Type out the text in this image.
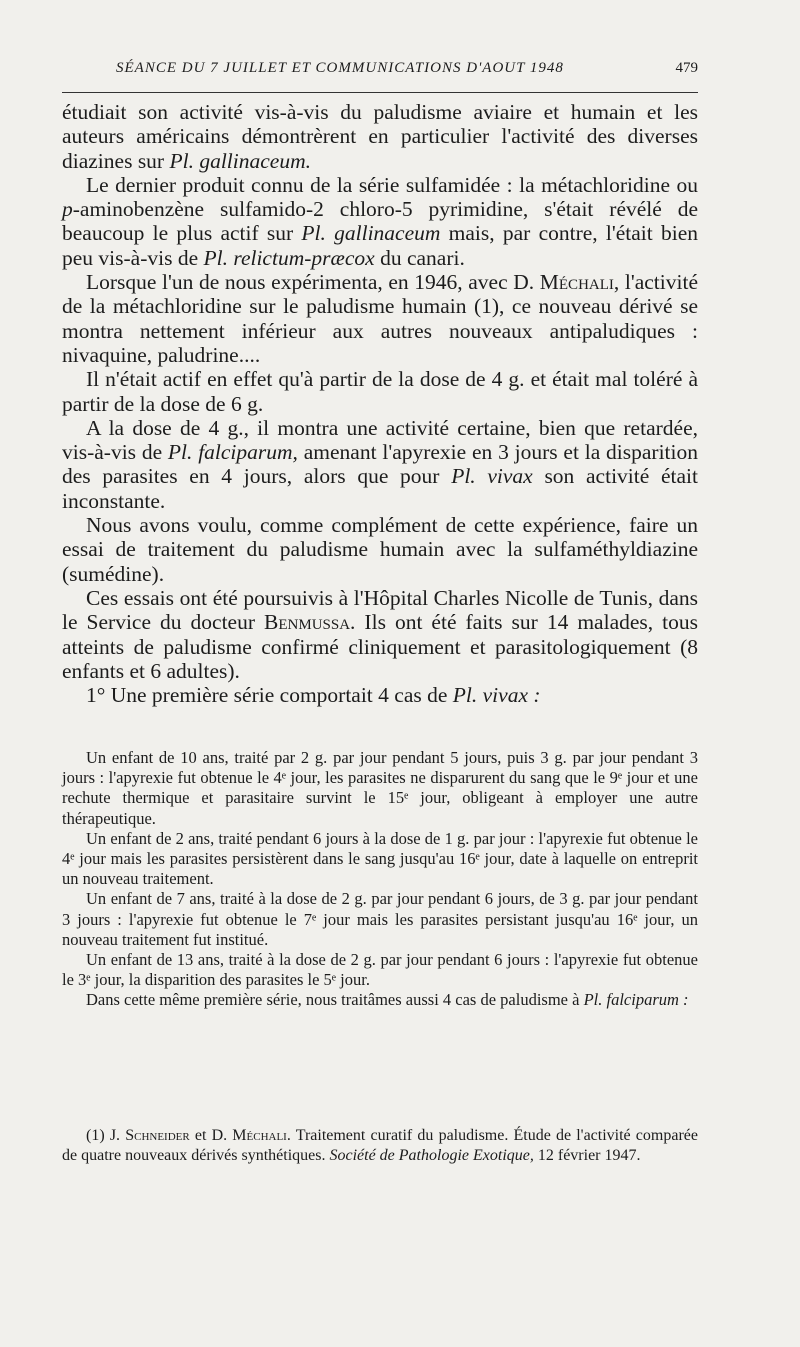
SÉANCE DU 7 JUILLET ET COMMUNICATIONS D'AOUT 1948	479

étudiait son activité vis-à-vis du paludisme aviaire et humain et les auteurs américains démontrèrent en particulier l'activité des diverses diazines sur Pl. gallinaceum.

Le dernier produit connu de la série sulfamidée : la métachloridine ou p-aminobenzène sulfamido-2 chloro-5 pyrimidine, s'était révélé de beaucoup le plus actif sur Pl. gallinaceum mais, par contre, l'était bien peu vis-à-vis de Pl. relictum-præcox du canari.

Lorsque l'un de nous expérimenta, en 1946, avec D. Méchali, l'activité de la métachloridine sur le paludisme humain (1), ce nouveau dérivé se montra nettement inférieur aux autres nouveaux antipaludiques : nivaquine, paludrine....

Il n'était actif en effet qu'à partir de la dose de 4 g. et était mal toléré à partir de la dose de 6 g.

A la dose de 4 g., il montra une activité certaine, bien que retardée, vis-à-vis de Pl. falciparum, amenant l'apyrexie en 3 jours et la disparition des parasites en 4 jours, alors que pour Pl. vivax son activité était inconstante.

Nous avons voulu, comme complément de cette expérience, faire un essai de traitement du paludisme humain avec la sulfaméthyldiazine (sumédine).

Ces essais ont été poursuivis à l'Hôpital Charles Nicolle de Tunis, dans le Service du docteur Benmussa. Ils ont été faits sur 14 malades, tous atteints de paludisme confirmé cliniquement et parasitologiquement (8 enfants et 6 adultes).

1° Une première série comportait 4 cas de Pl. vivax :

Un enfant de 10 ans, traité par 2 g. par jour pendant 5 jours, puis 3 g. par jour pendant 3 jours : l'apyrexie fut obtenue le 4ᵉ jour, les parasites ne disparurent du sang que le 9ᵉ jour et une rechute thermique et parasitaire survint le 15ᵉ jour, obligeant à employer une autre thérapeutique.

Un enfant de 2 ans, traité pendant 6 jours à la dose de 1 g. par jour : l'apyrexie fut obtenue le 4ᵉ jour mais les parasites persistèrent dans le sang jusqu'au 16ᵉ jour, date à laquelle on entreprit un nouveau traitement.

Un enfant de 7 ans, traité à la dose de 2 g. par jour pendant 6 jours, de 3 g. par jour pendant 3 jours : l'apyrexie fut obtenue le 7ᵉ jour mais les parasites persistant jusqu'au 16ᵉ jour, un nouveau traitement fut institué.

Un enfant de 13 ans, traité à la dose de 2 g. par jour pendant 6 jours : l'apyrexie fut obtenue le 3ᵉ jour, la disparition des parasites le 5ᵉ jour.

Dans cette même première série, nous traitâmes aussi 4 cas de paludisme à Pl. falciparum :

(1) J. Schneider et D. Méchali. Traitement curatif du paludisme. Étude de l'activité comparée de quatre nouveaux dérivés synthétiques. Société de Pathologie Exotique, 12 février 1947.
